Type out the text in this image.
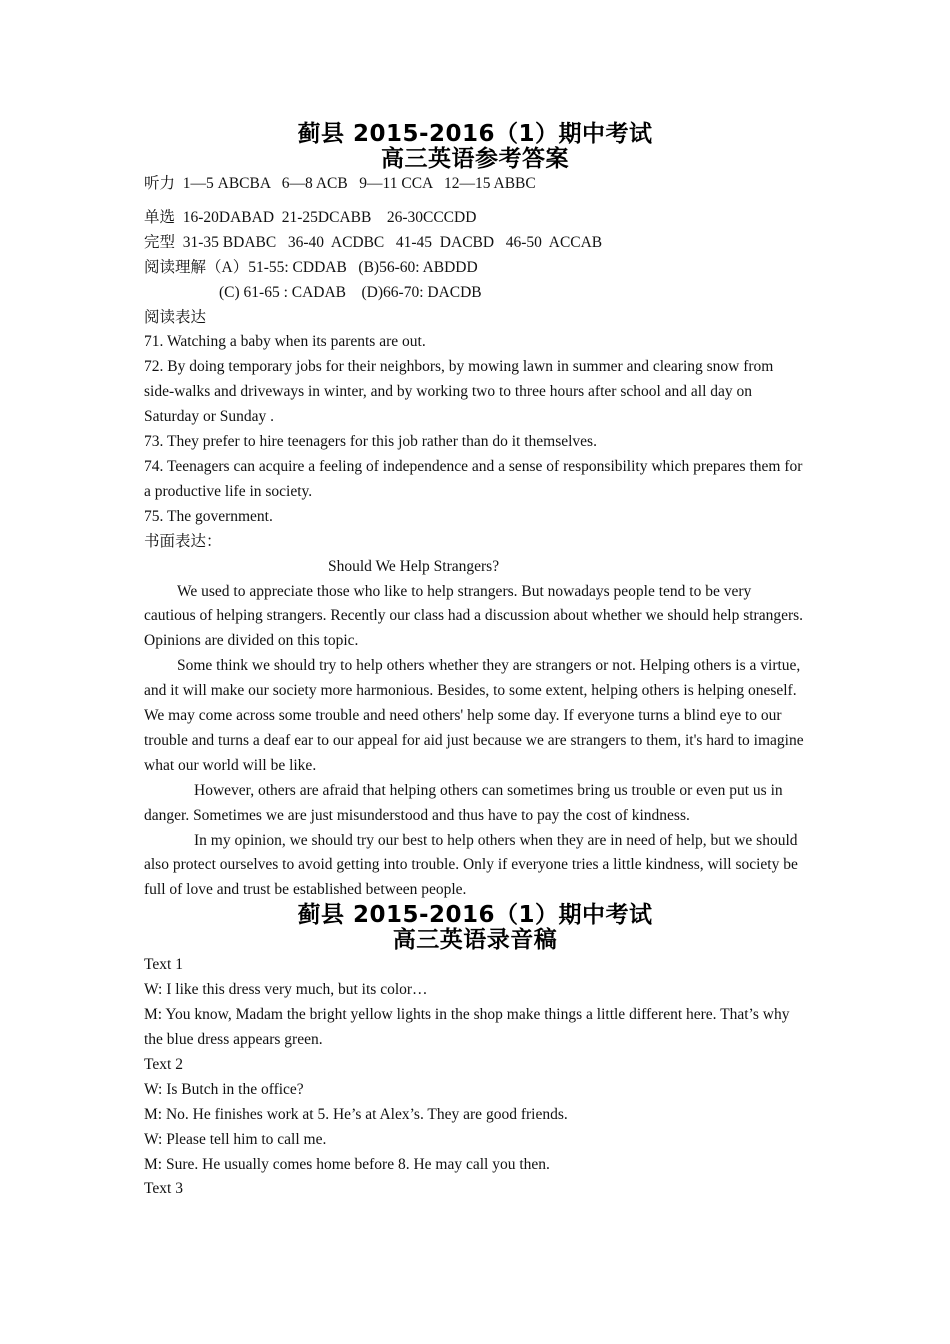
蓟县 2015-2016（1）期中考试
高三英语参考答案
听力  1—5 ABCBA   6—8 ACB   9—11 CCA   12—15 ABBC
单选  16-20DABAD  21-25DCABB    26-30CCCDD
完型  31-35 BDABC   36-40  ACDBC   41-45  DACBD   46-50  ACCAB
阅读理解（A）51-55: CDDAB   (B)56-60: ABDDD
(C) 61-65 : CADAB    (D)66-70: DACDB
阅读表达
71. Watching a baby when its parents are out.
72. By doing temporary jobs for their neighbors, by mowing lawn in summer and clearing snow from side-walks and driveways in winter, and by working two to three hours after school and all day on Saturday or Sunday .
73. They prefer to hire teenagers for this job rather than do it themselves.
74. Teenagers can acquire a feeling of independence and a sense of responsibility which prepares them for a productive life in society.
75. The government.
书面表达：
Should We Help Strangers?
We used to appreciate those who like to help strangers. But nowadays people tend to be very cautious of helping strangers. Recently our class had a discussion about whether we should help strangers. Opinions are divided on this topic.
Some think we should try to help others whether they are strangers or not. Helping others is a virtue, and it will make our society more harmonious. Besides, to some extent, helping others is helping oneself. We may come across some trouble and need others' help some day. If everyone turns a blind eye to our trouble and turns a deaf ear to our appeal for aid just because we are strangers to them, it's hard to imagine what our world will be like.
However, others are afraid that helping others can sometimes bring us trouble or even put us in danger. Sometimes we are just misunderstood and thus have to pay the cost of kindness.
In my opinion, we should try our best to help others when they are in need of help, but we should also protect ourselves to avoid getting into trouble. Only if everyone tries a little kindness, will society be full of love and trust be established between people.
蓟县 2015-2016（1）期中考试
高三英语录音稿
Text 1
W: I like this dress very much, but its color…
M: You know, Madam the bright yellow lights in the shop make things a little different here. That’s why the blue dress appears green.
Text 2
W: Is Butch in the office?
M: No. He finishes work at 5. He’s at Alex’s. They are good friends.
W: Please tell him to call me.
M: Sure. He usually comes home before 8. He may call you then.
Text 3
